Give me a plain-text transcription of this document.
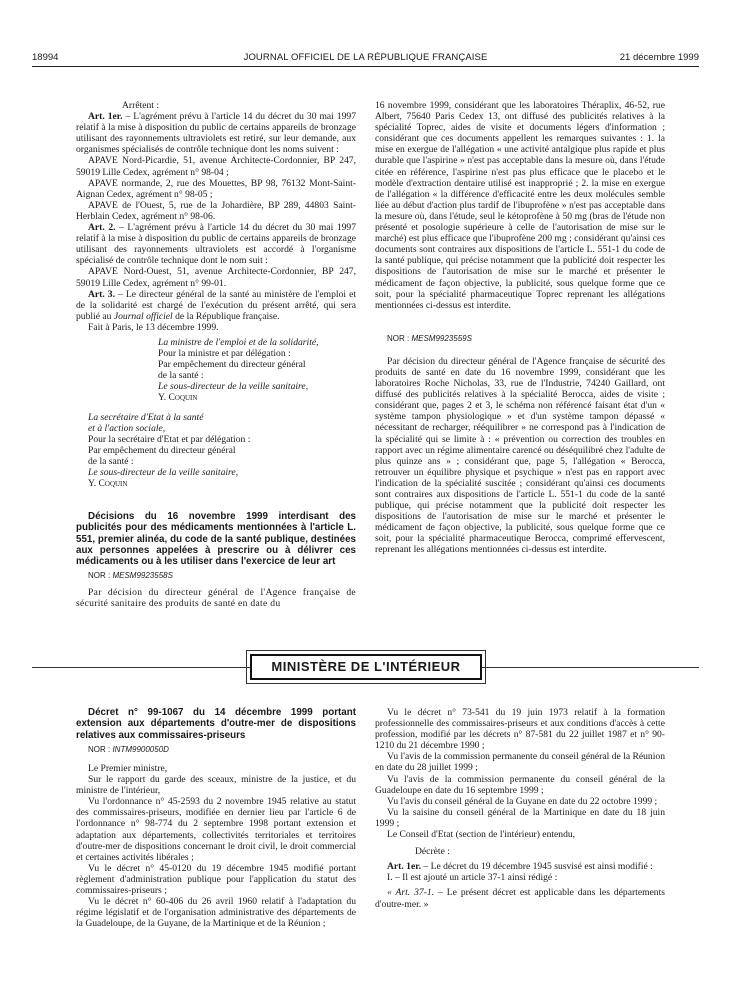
18994	JOURNAL OFFICIEL DE LA RÉPUBLIQUE FRANÇAISE	21 décembre 1999

Arrêtent :

Art. 1er. – L'agrément prévu à l'article 14 du décret du 30 mai 1997 relatif à la mise à disposition du public de certains appareils de bronzage utilisant des rayonnements ultraviolets est retiré, sur leur demande, aux organismes spécialisés de contrôle technique dont les noms suivent :

APAVE Nord-Picardie, 51, avenue Architecte-Cordonnier, BP 247, 59019 Lille Cedex, agrément n° 98-04 ;

APAVE normande, 2, rue des Mouettes, BP 98, 76132 Mont-Saint-Aignan Cedex, agrément n° 98-05 ;

APAVE de l'Ouest, 5, rue de la Johardière, BP 289, 44803 Saint-Herblain Cedex, agrément n° 98-06.

Art. 2. – L'agrément prévu à l'article 14 du décret du 30 mai 1997 relatif à la mise à disposition du public de certains appareils de bronzage utilisant des rayonnements ultraviolets est accordé à l'organisme spécialisé de contrôle technique dont le nom suit :

APAVE Nord-Ouest, 51, avenue Architecte-Cordonnier, BP 247, 59019 Lille Cedex, agrément n° 99-01.

Art. 3. – Le directeur général de la santé au ministère de l'emploi et de la solidarité est chargé de l'exécution du présent arrêté, qui sera publié au Journal officiel de la République française.

Fait à Paris, le 13 décembre 1999.

La ministre de l'emploi et de la solidarité,

Pour la ministre et par délégation :

Par empêchement du directeur général

de la santé :

Le sous-directeur de la veille sanitaire,

Y. Coquin

La secrétaire d'Etat à la santé

et à l'action sociale,

Pour la secrétaire d'Etat et par délégation :

Par empêchement du directeur général

de la santé :

Le sous-directeur de la veille sanitaire,

Y. Coquin

Décisions du 16 novembre 1999 interdisant des publicités pour des médicaments mentionnées à l'article L. 551, premier alinéa, du code de la santé publique, destinées aux personnes appelées à prescrire ou à délivrer ces médicaments ou à les utiliser dans l'exercice de leur art

NOR : MESM9923558S

Par décision du directeur général de l'Agence française de sécurité sanitaire des produits de santé en date du

16 novembre 1999, considérant que les laboratoires Théraplix, 46-52, rue Albert, 75640 Paris Cedex 13, ont diffusé des publicités relatives à la spécialité Toprec, aides de visite et documents légers d'information ; considérant que ces documents appellent les remarques suivantes : 1. la mise en exergue de l'allégation « une activité antalgique plus rapide et plus durable que l'aspirine » n'est pas acceptable dans la mesure où, dans l'étude citée en référence, l'aspirine n'est pas plus efficace que le placebo et le modèle d'extraction dentaire utilisé est inapproprié ; 2. la mise en exergue de l'allégation « la différence d'efficacité entre les deux molécules semble liée au début d'action plus tardif de l'ibuprofène » n'est pas acceptable dans la mesure où, dans l'étude, seul le kétoprofène à 50 mg (bras de l'étude non présenté et posologie supérieure à celle de l'autorisation de mise sur le marché) est plus efficace que l'ibuprofène 200 mg ; considérant qu'ainsi ces documents sont contraires aux dispositions de l'article L. 551-1 du code de la santé publique, qui précise notamment que la publicité doit respecter les dispositions de l'autorisation de mise sur le marché et présenter le médicament de façon objective, la publicité, sous quelque forme que ce soit, pour la spécialité pharmaceutique Toprec reprenant les allégations mentionnées ci-dessus est interdite.

NOR : MESM9923559S

Par décision du directeur général de l'Agence française de sécurité des produits de santé en date du 16 novembre 1999, considérant que les laboratoires Roche Nicholas, 33, rue de l'Industrie, 74240 Gaillard, ont diffusé des publicités relatives à la spécialité Berocca, aides de visite ; considérant que, pages 2 et 3, le schéma non référencé faisant état d'un « système tampon physiologique » et d'un système tampon dépassé « nécessitant de recharger, rééquilibrer » ne correspond pas à l'indication de la spécialité qui se limite à : « prévention ou correction des troubles en rapport avec un régime alimentaire carencé ou déséquilibré chez l'adulte de plus quinze ans » ; considérant que, page 5, l'allégation « Berocca, retrouver un équilibre physique et psychique » n'est pas en rapport avec l'indication de la spécialité suscitée ; considérant qu'ainsi ces documents sont contraires aux dispositions de l'article L. 551-1 du code de la santé publique, qui précise notamment que la publicité doit respecter les dispositions de l'autorisation de mise sur le marché et présenter le médicament de façon objective, la publicité, sous quelque forme que ce soit, pour la spécialité pharmaceutique Berocca, comprimé effervescent, reprenant les allégations mentionnées ci-dessus est interdite.

MINISTÈRE DE L'INTÉRIEUR

Décret n° 99-1067 du 14 décembre 1999 portant extension aux départements d'outre-mer de dispositions relatives aux commissaires-priseurs

NOR : INTM9900050D

Le Premier ministre,

Sur le rapport du garde des sceaux, ministre de la justice, et du ministre de l'intérieur,

Vu l'ordonnance n° 45-2593 du 2 novembre 1945 relative au statut des commissaires-priseurs, modifiée en dernier lieu par l'article 6 de l'ordonnance n° 98-774 du 2 septembre 1998 portant extension et adaptation aux départements, collectivités territoriales et territoires d'outre-mer de dispositions concernant le droit civil, le droit commercial et certaines activités libérales ;

Vu le décret n° 45-0120 du 19 décembre 1945 modifié portant règlement d'administration publique pour l'application du statut des commissaires-priseurs ;

Vu le décret n° 60-406 du 26 avril 1960 relatif à l'adaptation du régime législatif et de l'organisation administrative des départements de la Guadeloupe, de la Guyane, de la Martinique et de la Réunion ;

Vu le décret n° 73-541 du 19 juin 1973 relatif à la formation professionnelle des commissaires-priseurs et aux conditions d'accès à cette profession, modifié par les décrets n° 87-581 du 22 juillet 1987 et n° 90-1210 du 21 décembre 1990 ;

Vu l'avis de la commission permanente du conseil général de la Réunion en date du 28 juillet 1999 ;

Vu l'avis de la commission permanente du conseil général de la Guadeloupe en date du 16 septembre 1999 ;

Vu l'avis du conseil général de la Guyane en date du 22 octobre 1999 ;

Vu la saisine du conseil général de la Martinique en date du 18 juin 1999 ;

Le Conseil d'Etat (section de l'intérieur) entendu,

Décrète :

Art. 1er. – Le décret du 19 décembre 1945 susvisé est ainsi modifié :

I. – Il est ajouté un article 37-1 ainsi rédigé :

« Art. 37-1. – Le présent décret est applicable dans les départements d'outre-mer. »
